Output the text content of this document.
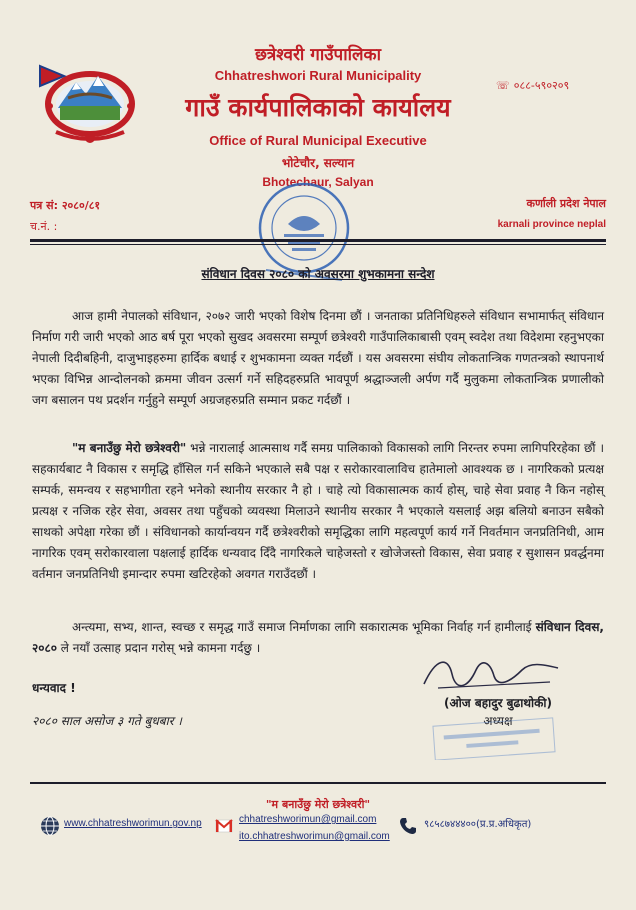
छत्रेश्वरी गाउँपालिका
Chhatreshwori Rural Municipality
गाउँ कार्यपालिकाको कार्यालय
Office of Rural Municipal Executive
भोटेचौर, सल्यान
Bhotechaur, Salyan
☏ ०८८-५९०२०९
पत्र सं: २०८०/८१
च.नं. :
कर्णाली प्रदेश नेपाल
karnali province neplal
संविधान दिवस २०८० को अवसरमा शुभकामना सन्देश
आज हामी नेपालको संविधान, २०७२ जारी भएको विशेष दिनमा छौं । जनताका प्रतिनिधिहरुले संविधान सभामार्फत् संविधान निर्माण गरी जारी भएको आठ बर्ष पूरा भएको सुखद अवसरमा सम्पूर्ण छत्रेश्वरी गाउँपालिकाबासी एवम् स्वदेश तथा विदेशमा रहनुभएका नेपाली दिदीबहिनी, दाजुभाइहरुमा हार्दिक बधाई र शुभकामना व्यक्त गर्दछौं । यस अवसरमा संघीय लोकतान्त्रिक गणतन्त्रको स्थापनार्थ भएका विभिन्न आन्दोलनको क्रममा जीवन उत्सर्ग गर्ने सहिदहरुप्रति भावपूर्ण श्रद्धाञ्जली अर्पण गर्दै मुलुकमा लोकतान्त्रिक प्रणालीको जग बसालन पथ प्रदर्शन गर्नुहुने सम्पूर्ण अग्रजहरुप्रति सम्मान प्रकट गर्दछौं ।
"म बनाउँछु मेरो छत्रेश्वरी" भन्ने नारालाई आत्मसाथ गर्दै समग्र पालिकाको विकासको लागि निरन्तर रुपमा लागिपरिरहेका छौं । सहकार्यबाट नै विकास र समृद्धि हाँसिल गर्न सकिने भएकाले सबै पक्ष र सरोकारवालाविच हातेमालो आवश्यक छ । नागरिकको प्रत्यक्ष सम्पर्क, समन्वय र सहभागीता रहने भनेको स्थानीय सरकार नै हो । चाहे त्यो विकासात्मक कार्य होस्, चाहे सेवा प्रवाह नै किन नहोस् प्रत्यक्ष र नजिक रहेर सेवा, अवसर तथा पहुँचको व्यवस्था मिलाउने स्थानीय सरकार नै भएकाले यसलाई अझ बलियो बनाउन सबैको साथको अपेक्षा गरेका छौं । संविधानको कार्यान्वयन गर्दै छत्रेश्वरीको समृद्धिका लागि महत्वपूर्ण कार्य गर्ने निवर्तमान जनप्रतिनिधी, आम नागरिक एवम् सरोकारवाला पक्षलाई हार्दिक धन्यवाद दिँदै नागरिकले चाहेजस्तो र खोजेजस्तो विकास, सेवा प्रवाह र सुशासन प्रवर्द्धनमा वर्तमान जनप्रतिनिधी इमान्दार रुपमा खटिरहेको अवगत गराउँदछौं ।
अन्त्यमा, सभ्य, शान्त, स्वच्छ र समृद्ध गाउँ समाज निर्माणका लागि सकारात्मक भूमिका निर्वाह गर्न हामीलाई संविधान दिवस, २०८० ले नयाँ उत्साह प्रदान गरोस् भन्ने कामना गर्दछु ।
धन्यवाद !
२०८० साल असोज ३ गते बुधबार ।
(ओज बहादुर बुढाथोकी)
अध्यक्ष
"म बनाउँछु मेरो छत्रेश्वरी"
www.chhatreshworimun.gov.np	chhatreshworimun@gmail.com
ito.chhatreshworimun@gmail.com
९८५८७४४४००(प्र.प्र.अधिकृत)
